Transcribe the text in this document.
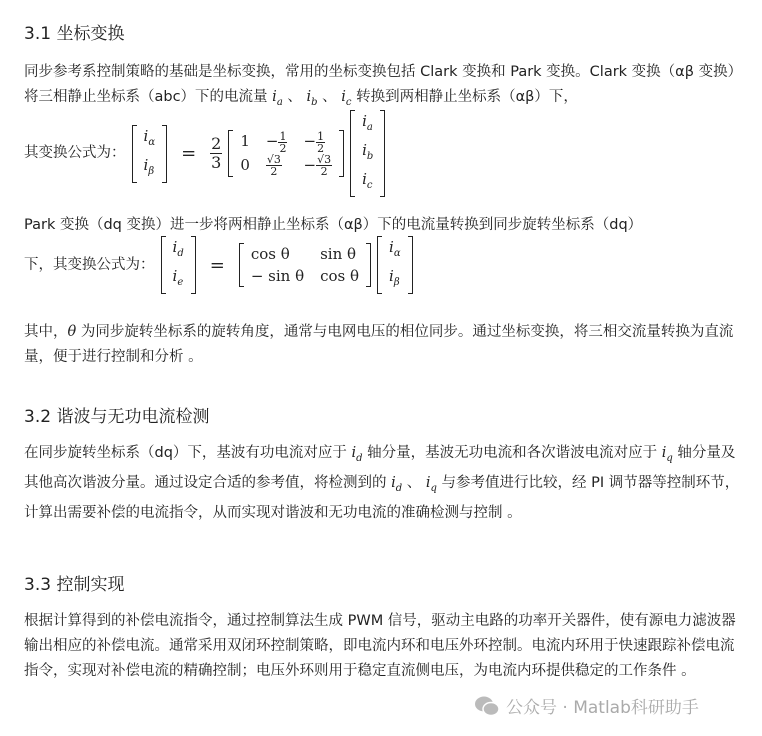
3.1 坐标变换
同步参考系控制策略的基础是坐标变换，常用的坐标变换包括 Clark 变换和 Park 变换。Clark 变换（αβ 变换）将三相静止坐标系（abc）下的电流量 $i_a$ 、 $i_b$ 、 $i_c$ 转换到两相静止坐标系（αβ）下，
其变换公式为：
$i_\alpha$
$i_\beta$

= $\frac{2}{3} 1$	− $\frac{1}{2}$	− $\frac{1}{2}$
0	$\frac{√3}{2}$	− $\frac{√3}{2}$

$i_a$
$i_b$
$i_c$

Park 变换（dq 变换）进一步将两相静止坐标系（αβ）下的电流量转换到同步旋转坐标系（dq）
下，其变换公式为：
$i_d$
$i_e$

=
cos θ	sin θ
− sin θ	cos θ

$i_\alpha$
$i_\beta$

其中，θ 为同步旋转坐标系的旋转角度，通常与电网电压的相位同步。通过坐标变换，将三相交流量转换为直流量，便于进行控制和分析 。
3.2 谐波与无功电流检测
在同步旋转坐标系（dq）下，基波有功电流对应于 $i_d$ 轴分量，基波无功电流和各次谐波电流对应于 $i_q$ 轴分量及其他高次谐波分量。通过设定合适的参考值，将检测到的 $i_d$ 、 $i_q$ 与参考值进行比较，经 PI 调节器等控制环节，计算出需要补偿的电流指令，从而实现对谐波和无功电流的准确检测与控制 。
3.3 控制实现
根据计算得到的补偿电流指令，通过控制算法生成 PWM 信号，驱动主电路的功率开关器件，使有源电力滤波器输出相应的补偿电流。通常采用双闭环控制策略，即电流内环和电压外环控制。电流内环用于快速跟踪补偿电流指令，实现对补偿电流的精确控制；电压外环则用于稳定直流侧电压，为电流内环提供稳定的工作条件 。
公众号 · Matlab科研助手
